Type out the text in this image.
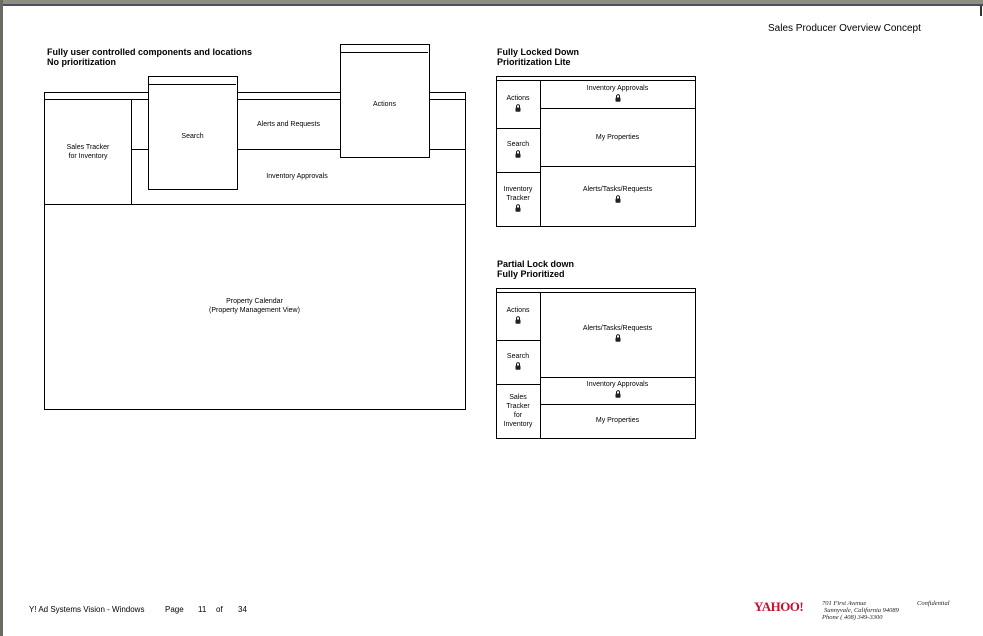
Sales Producer Overview Concept
Fully user controlled components and locations
No prioritization
Sales Tracker
for Inventory
Alerts and Requests
Inventory Approvals
Search
Actions
Property Calendar
(Property Management View)
Fully Locked Down
Prioritization Lite
Actions
Search
Inventory
Tracker
Inventory Approvals
My Properties
Alerts/Tasks/Requests
Partial Lock down
Fully Prioritized
Actions
Search
Sales
Tracker
for
Inventory
Alerts/Tasks/Requests
Inventory Approvals
My Properties
Y! Ad Systems Vision - Windows	Page 11 of 34	YAHOO!	701 First Avenue
Sunnyvale, California 94089
Phone ( 408) 349-3300
Confidential
